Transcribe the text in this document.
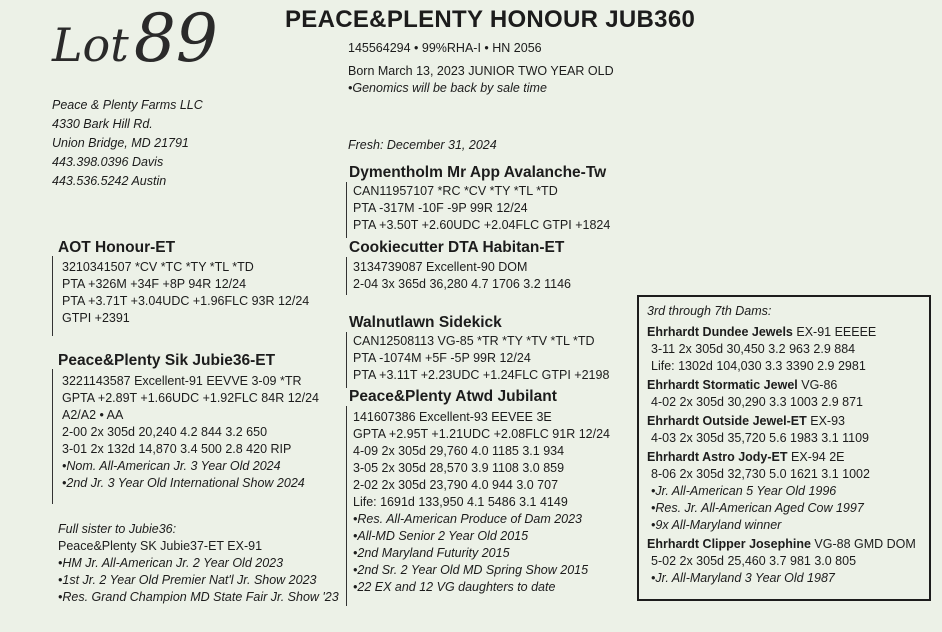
Lot 89	PEACE&PLENTY HONOUR JUB360
145564294 • 99%RHA-I • HN 2056
Born March 13, 2023 JUNIOR TWO YEAR OLD
•Genomics will be back by sale time
Peace & Plenty Farms LLC
4330 Bark Hill Rd.
Union Bridge, MD 21791
443.398.0396 Davis
443.536.5242 Austin
Fresh: December 31, 2024
AOT Honour-ET
3210341507 *CV *TC *TY *TL *TD
PTA +326M +34F +8P 94R 12/24
PTA +3.71T +3.04UDC +1.96FLC 93R 12/24
GTPI +2391
Peace&Plenty Sik Jubie36-ET
3221143587 Excellent-91 EEVVE 3-09 *TR
GPTA +2.89T +1.66UDC +1.92FLC 84R 12/24
A2/A2 • AA
2-00 2x 305d 20,240 4.2 844 3.2 650
3-01 2x 132d 14,870 3.4 500 2.8 420 RIP
•Nom. All-American Jr. 3 Year Old 2024
•2nd Jr. 3 Year Old International Show 2024
Full sister to Jubie36:
Peace&Plenty SK Jubie37-ET EX-91
•HM Jr. All-American Jr. 2 Year Old 2023
•1st Jr. 2 Year Old Premier Nat'l Jr. Show 2023
•Res. Grand Champion MD State Fair Jr. Show '23
Dymentholm Mr App Avalanche-Tw
CAN11957107 *RC *CV *TY *TL *TD
PTA -317M -10F -9P 99R 12/24
PTA +3.50T +2.60UDC +2.04FLC GTPI +1824
Cookiecutter DTA Habitan-ET
3134739087 Excellent-90 DOM
2-04 3x 365d 36,280 4.7 1706 3.2 1146
Walnutlawn Sidekick
CAN12508113 VG-85 *TR *TY *TV *TL *TD
PTA -1074M +5F -5P 99R 12/24
PTA +3.11T +2.23UDC +1.24FLC GTPI +2198
Peace&Plenty Atwd Jubilant
141607386 Excellent-93 EEVEE 3E
GPTA +2.95T +1.21UDC +2.08FLC 91R 12/24
4-09 2x 305d 29,760 4.0 1185 3.1 934
3-05 2x 305d 28,570 3.9 1108 3.0 859
2-02 2x 305d 23,790 4.0 944 3.0 707
Life: 1691d 133,950 4.1 5486 3.1 4149
•Res. All-American Produce of Dam 2023
•All-MD Senior 2 Year Old 2015
•2nd Maryland Futurity 2015
•2nd Sr. 2 Year Old MD Spring Show 2015
•22 EX and 12 VG daughters to date
3rd through 7th Dams:
Ehrhardt Dundee Jewels EX-91 EEEEE
3-11 2x 305d 30,450 3.2 963 2.9 884
Life: 1302d 104,030 3.3 3390 2.9 2981
Ehrhardt Stormatic Jewel VG-86
4-02 2x 305d 30,290 3.3 1003 2.9 871
Ehrhardt Outside Jewel-ET EX-93
4-03 2x 305d 35,720 5.6 1983 3.1 1109
Ehrhardt Astro Jody-ET EX-94 2E
8-06 2x 305d 32,730 5.0 1621 3.1 1002
•Jr. All-American 5 Year Old 1996
•Res. Jr. All-American Aged Cow 1997
•9x All-Maryland winner
Ehrhardt Clipper Josephine VG-88 GMD DOM
5-02 2x 305d 25,460 3.7 981 3.0 805
•Jr. All-Maryland 3 Year Old 1987
